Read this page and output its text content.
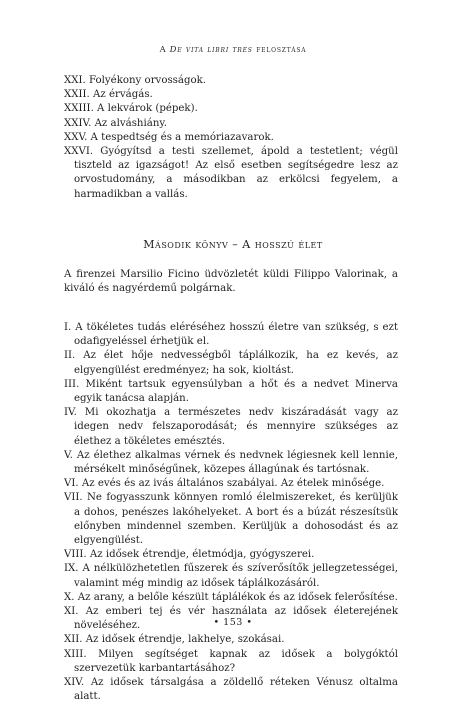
A De vita libri tres felosztása

XXI. Folyékony orvosságok.

XXII. Az érvágás.

XXIII. A lekvárok (pépek).

XXIV. Az alváshiány.

XXV. A tespedtség és a memóriazavarok.

XXVI. Gyógyítsd a testi szellemet, ápold a testetlent; végül tiszteld az igazságot! Az első esetben segítségedre lesz az orvostudomány, a másodikban az erkölcsi fegyelem, a harmadikban a vallás.

Második könyv – A hosszú élet

A firenzei Marsilio Ficino üdvözletét küldi Filippo Valorinak, a kiváló és nagyérdemű polgárnak.

I. A tökéletes tudás eléréséhez hosszú életre van szükség, s ezt odafigyeléssel érhetjük el.

II. Az élet hője nedvességből táplálkozik, ha ez kevés, az elgyengülést eredményez; ha sok, kioltást.

III. Miként tartsuk egyensúlyban a hőt és a nedvet Minerva egyik tanácsa alapján.

IV. Mi okozhatja a természetes nedv kiszáradását vagy az idegen nedv felszaporodását; és mennyire szükséges az élethez a tökéletes emésztés.

V. Az élethez alkalmas vérnek és nedvnek légiesnek kell lennie, mérsékelt minőségűnek, közepes állagúnak és tartósnak.

VI. Az evés és az ivás általános szabályai. Az ételek minősége.

VII. Ne fogyasszunk könnyen romló élelmiszereket, és kerüljük a dohos, penészes lakóhelyeket. A bort és a búzát részesítsük előnyben mindennel szemben. Kerüljük a dohosodást és az elgyengülést.

VIII. Az idősek étrendje, életmódja, gyógyszerei.

IX. A nélkülözhetetlen fűszerek és szíverősítők jellegzetességei, valamint még mindig az idősek táplálkozásáról.

X. Az arany, a belőle készült táplálékok és az idősek felerősítése.

XI. Az emberi tej és vér használata az idősek életerejének növeléséhez.

XII. Az idősek étrendje, lakhelye, szokásai.

XIII. Milyen segítséget kapnak az idősek a bolygóktól szervezetük karbantartásához?

XIV. Az idősek társalgása a zöldellő réteken Vénusz oltalma alatt.

• 153 •
